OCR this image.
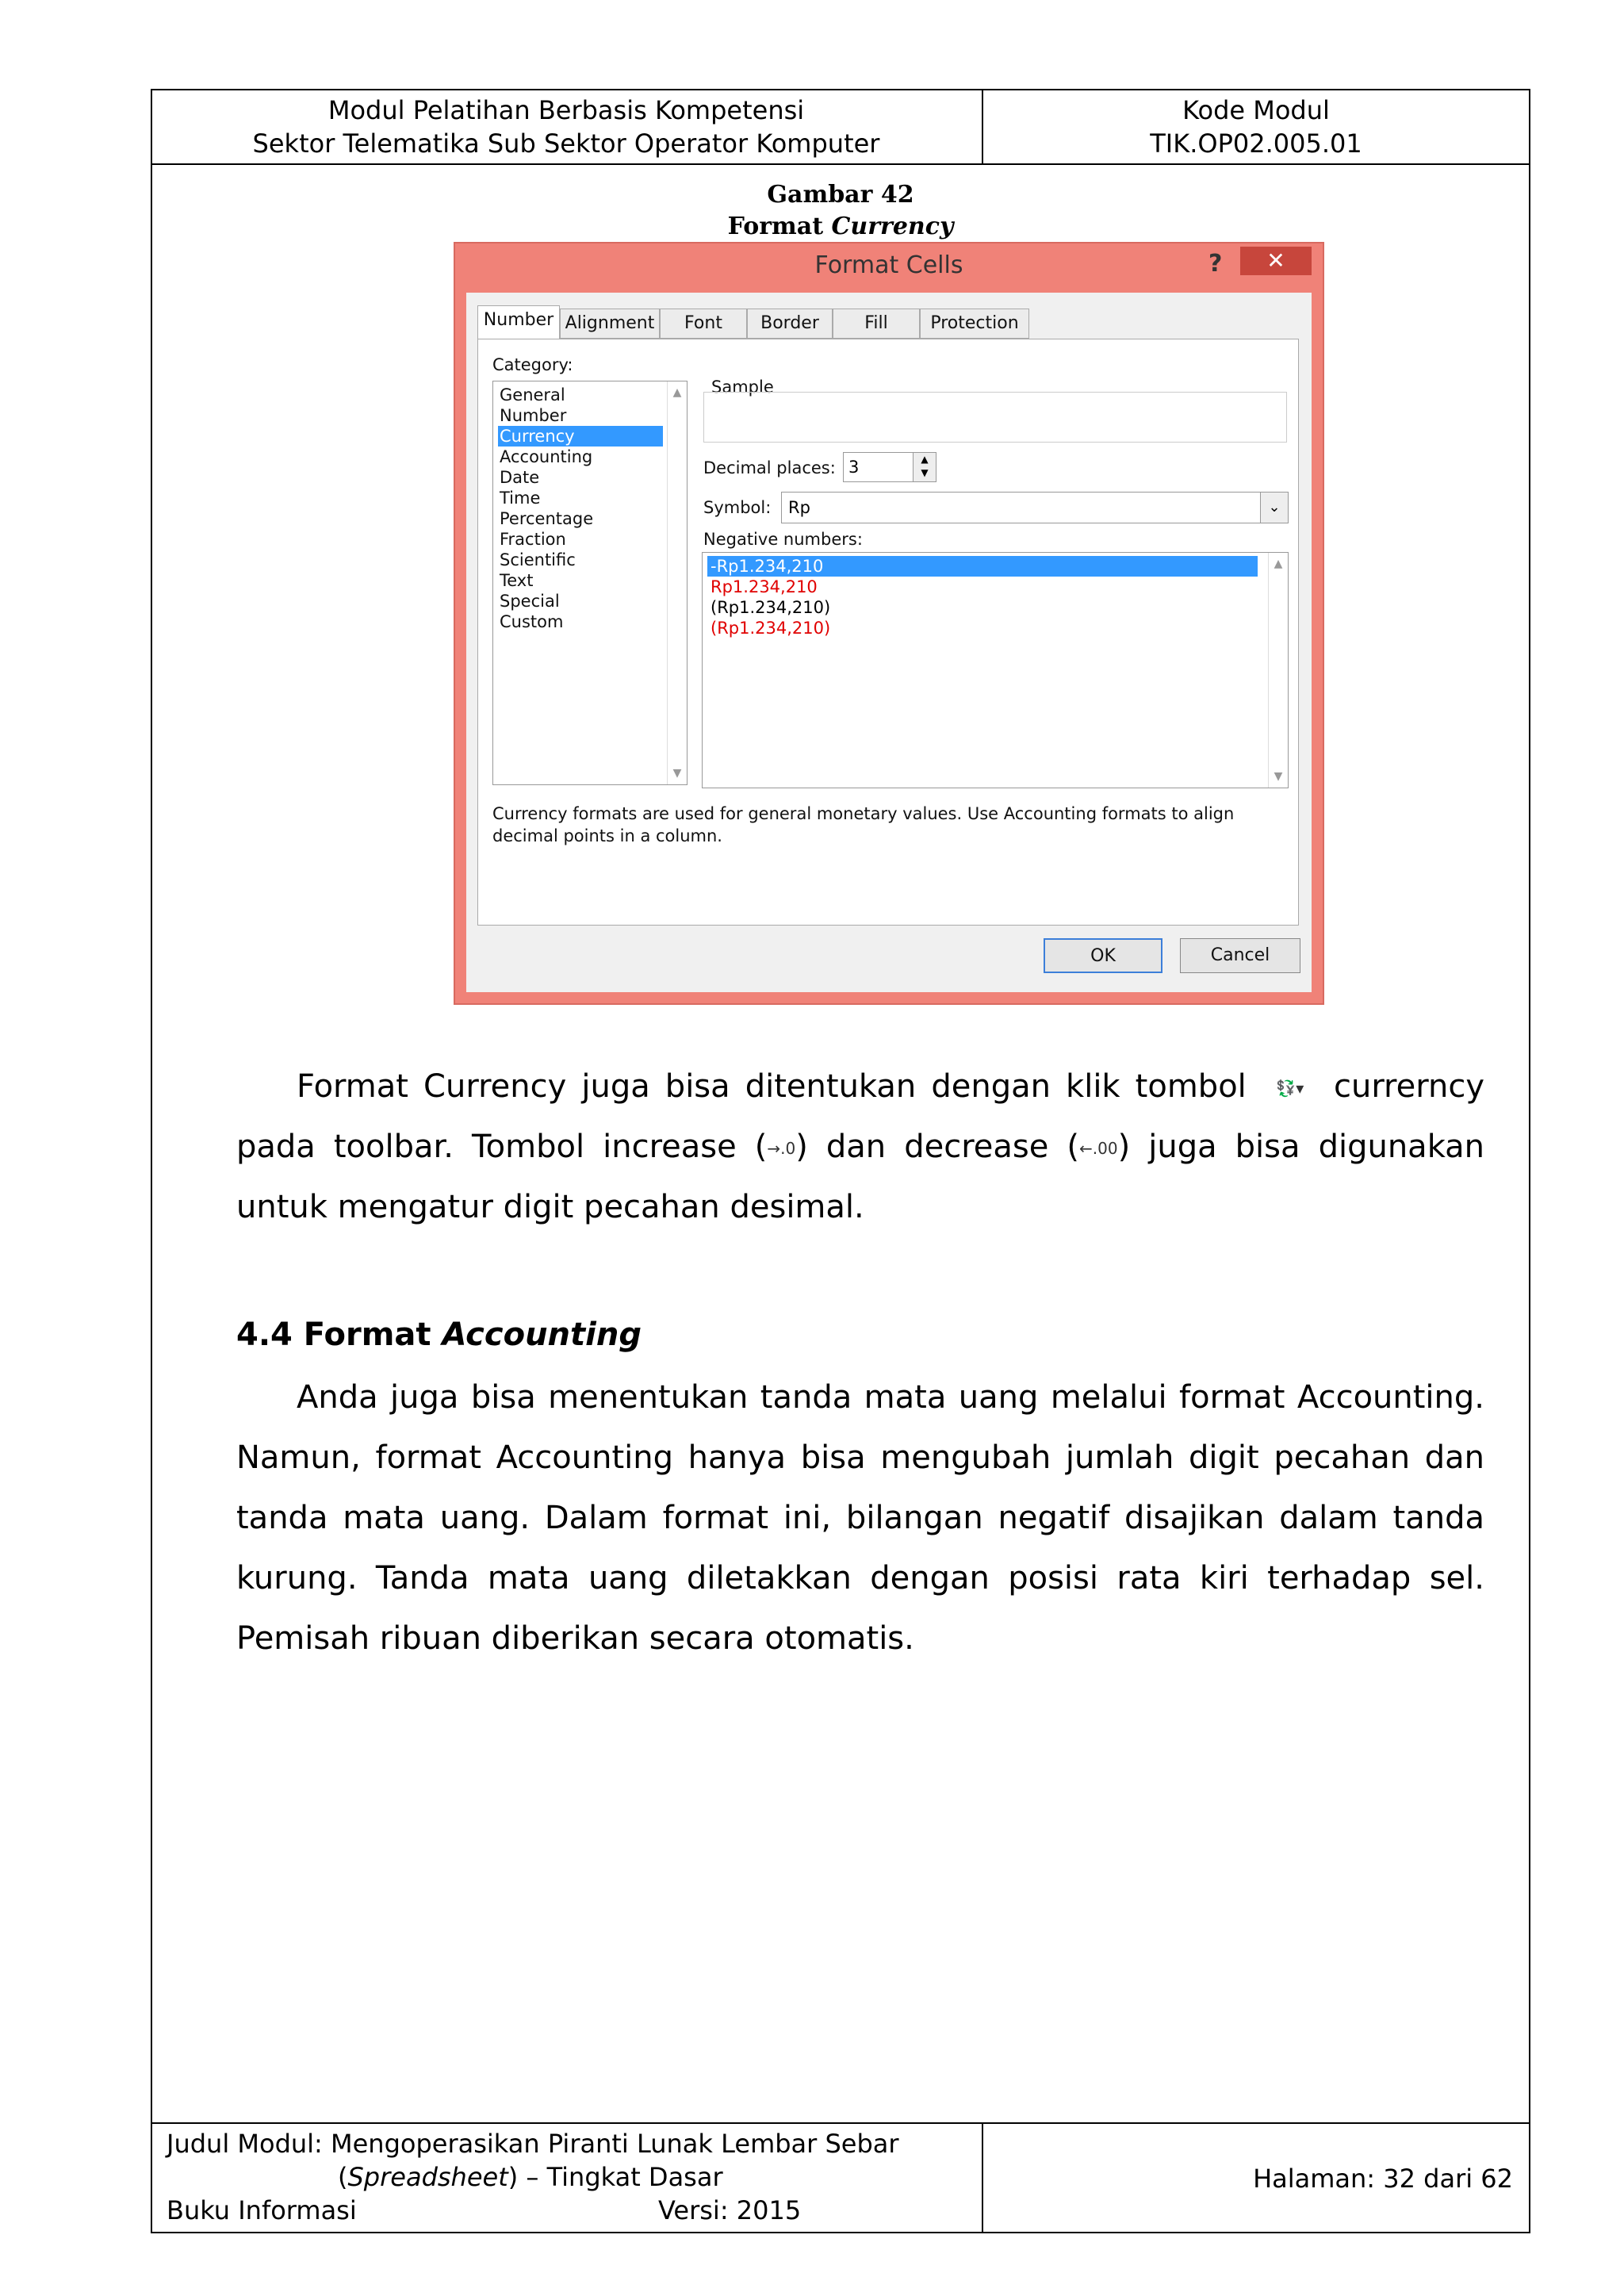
Modul Pelatihan Berbasis Kompetensi
Sektor Telematika Sub Sektor Operator Komputer
Kode Modul
TIK.OP02.005.01
Gambar 42
Format Currency
Format Cells	?	✕
Number Alignment	Font	Border	Fill	Protection
Category:
General
Number
Currency
Accounting
Date
Time
Percentage
Fraction
Scientific
Text
Special
Custom
▲
▼
Sample
Decimal places: 3	▲
▼
Symbol:	Rp	⌄
Negative numbers:
-Rp1.234,210
Rp1.234,210
(Rp1.234,210)
(Rp1.234,210)
▲
▼
Currency formats are used for general monetary values. Use Accounting formats to align decimal points in a column.
OK	Cancel
Format Currency juga bisa ditentukan dengan klik tombol 💱▾ currerncy pada toolbar. Tombol increase (→.0) dan decrease (←.00) juga bisa digunakan untuk mengatur digit pecahan desimal.
4.4 Format Accounting
Anda juga bisa menentukan tanda mata uang melalui format Accounting. Namun, format Accounting hanya bisa mengubah jumlah digit pecahan dan tanda mata uang. Dalam format ini, bilangan negatif disajikan dalam tanda kurung. Tanda mata uang diletakkan dengan posisi rata kiri terhadap sel. Pemisah ribuan diberikan secara otomatis.
Judul Modul: Mengoperasikan Piranti Lunak Lembar Sebar
(Spreadsheet) – Tingkat Dasar
Buku Informasi	Versi: 2015
Halaman: 32 dari 62
